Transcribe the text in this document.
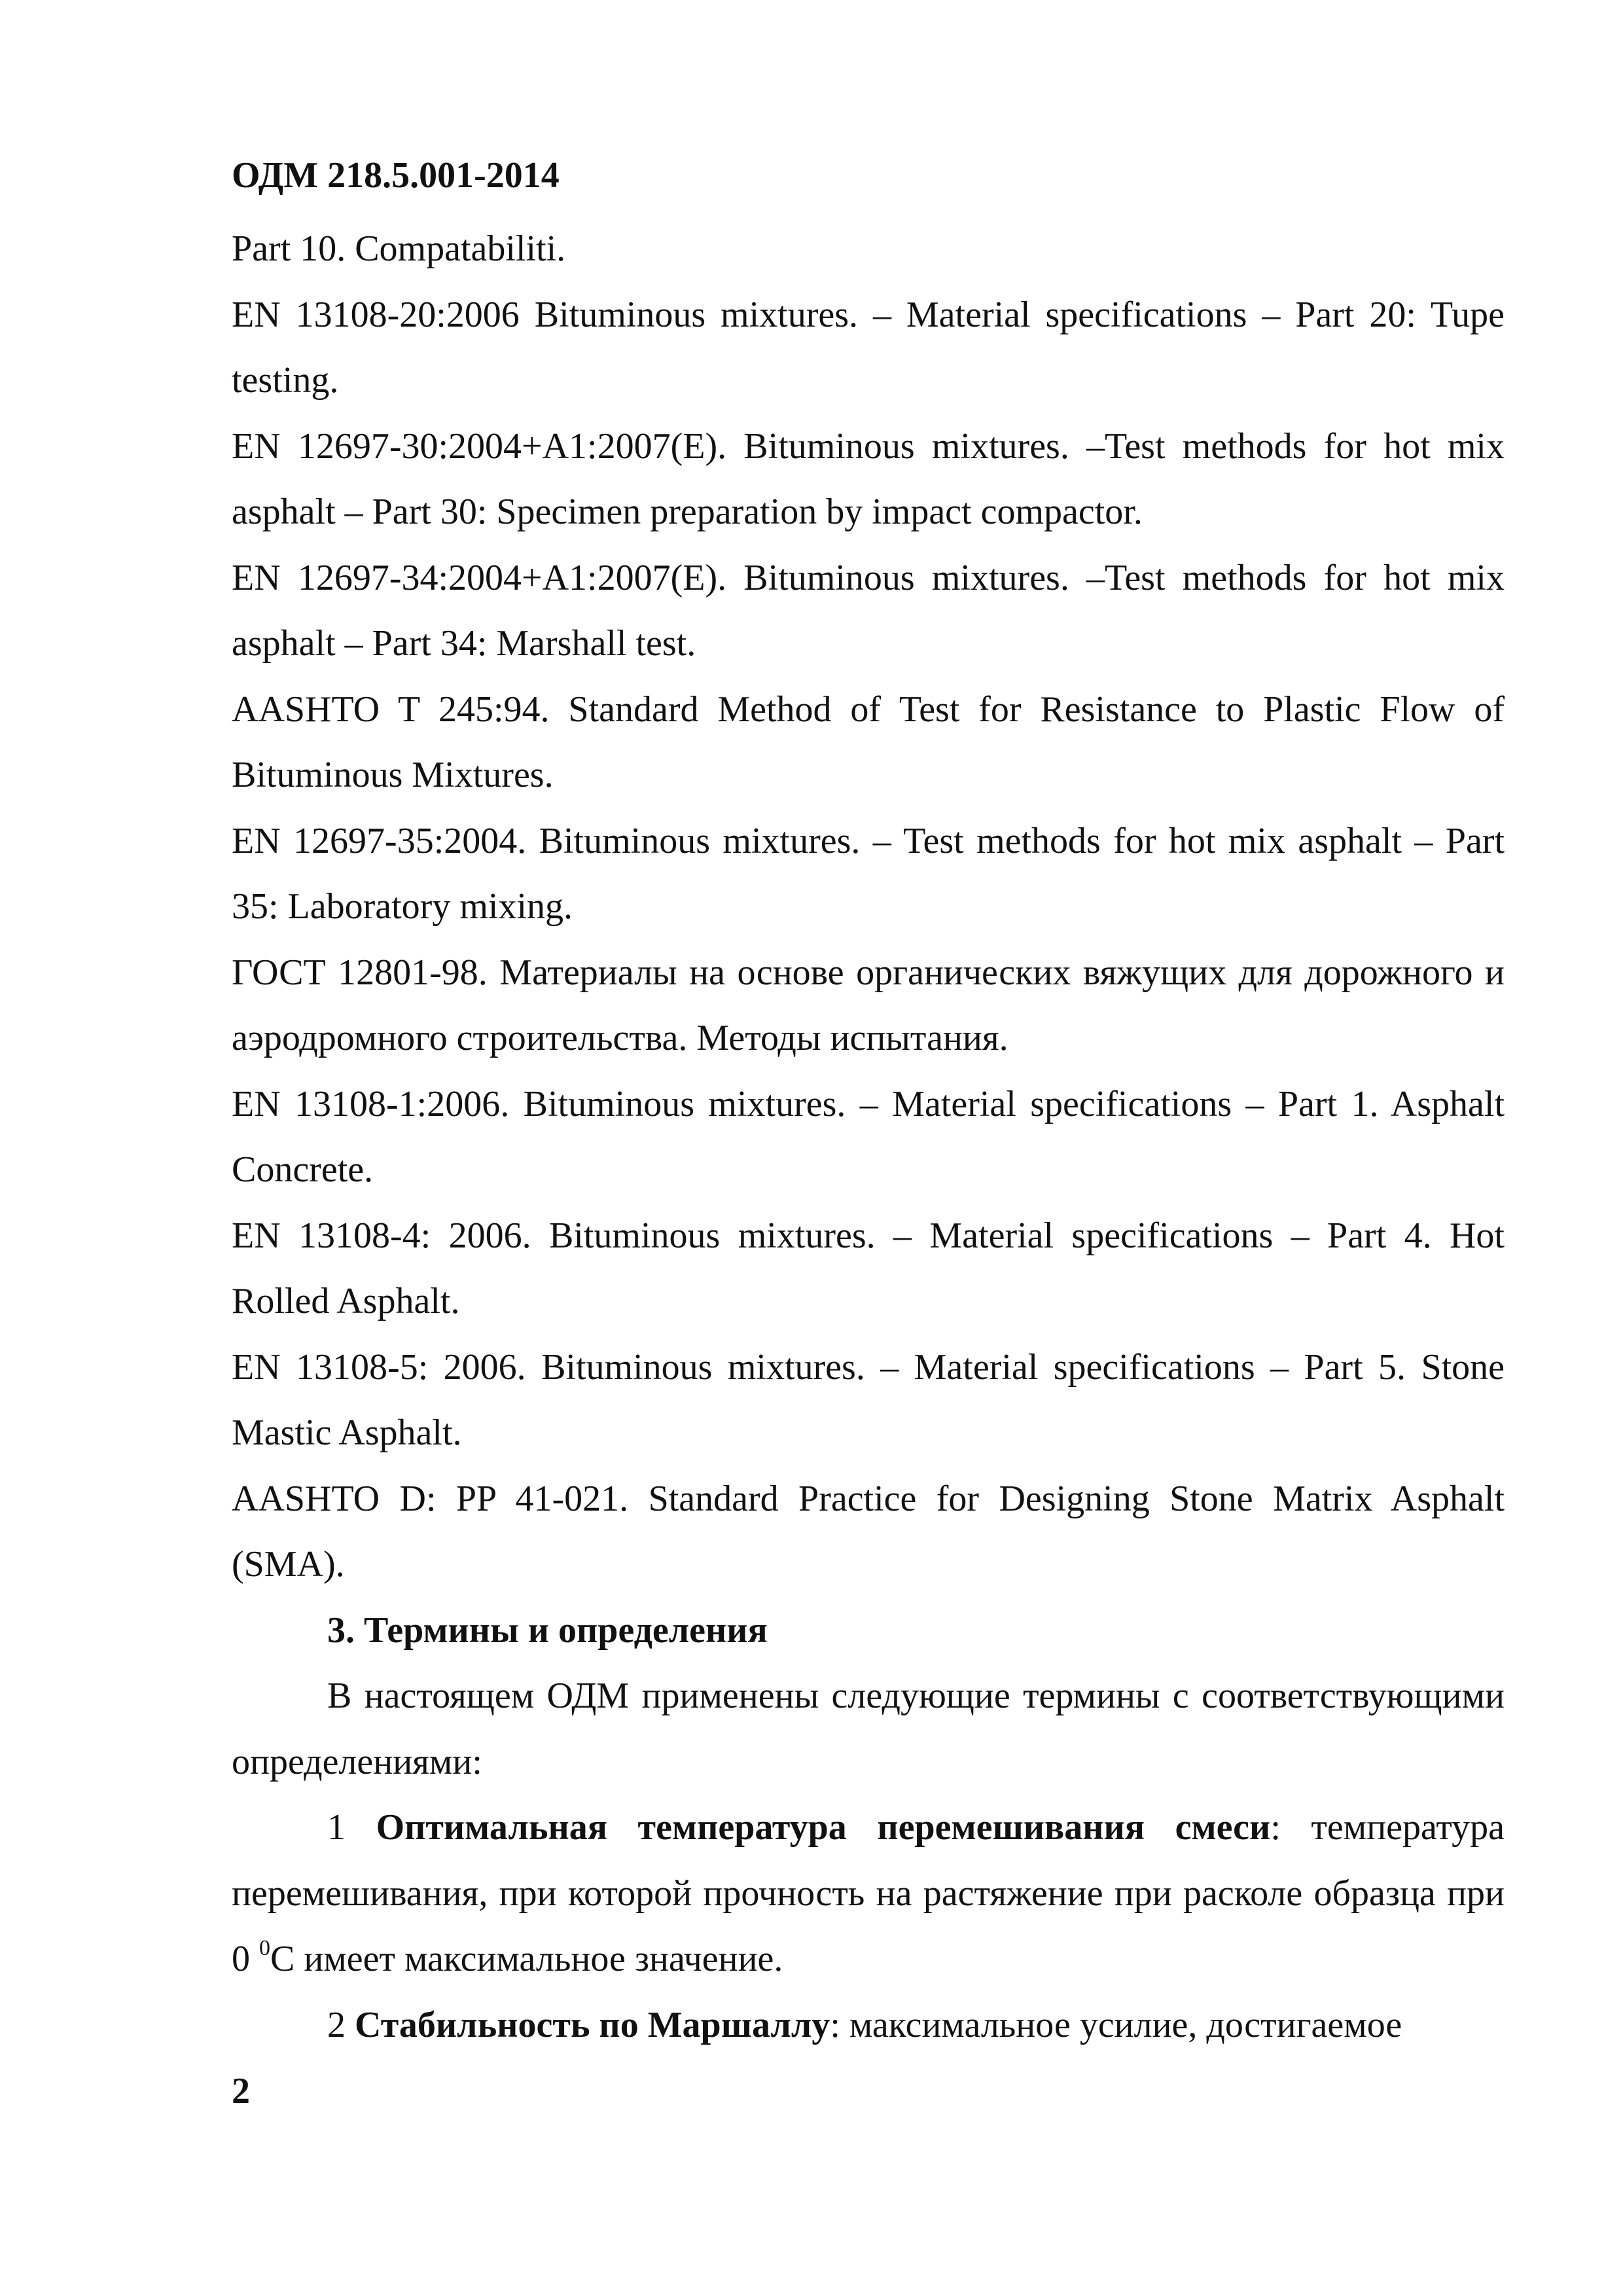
ОДМ 218.5.001-2014

Part 10. Compatabiliti.

EN 13108-20:2006 Bituminous mixtures. – Material specifications – Part 20: Tupe testing.

EN 12697-30:2004+A1:2007(E). Bituminous mixtures. –Test methods for hot mix asphalt – Part 30: Specimen preparation by impact compactor.

EN 12697-34:2004+A1:2007(E). Bituminous mixtures. –Test methods for hot mix asphalt – Part 34: Marshall test.

AASHTO T 245:94. Standard Method of Test for Resistance to Plastic Flow of Bituminous Mixtures.

EN 12697-35:2004. Bituminous mixtures. – Test methods for hot mix asphalt – Part 35: Laboratory mixing.

ГОСТ 12801-98. Материалы на основе органических вяжущих для дорожного и аэродромного строительства. Методы испытания.

EN 13108-1:2006. Bituminous mixtures. – Material specifications – Part 1. Asphalt Concrete.

EN 13108-4: 2006. Bituminous mixtures. – Material specifications – Part 4. Hot Rolled Asphalt.

EN 13108-5: 2006. Bituminous mixtures. – Material specifications – Part 5. Stone Mastic Asphalt.

AASHTO D: PP 41-021. Standard Practice for Designing Stone Matrix Asphalt (SMA).

3. Термины и определения

В настоящем ОДМ применены следующие термины с соответствующими определениями:

1 Оптимальная температура перемешивания смеси: температура перемешивания, при которой прочность на растяжение при расколе образца при 0 $^0$С имеет максимальное значение.

2 Стабильность по Маршаллу: максимальное усилие, достигаемое

2
